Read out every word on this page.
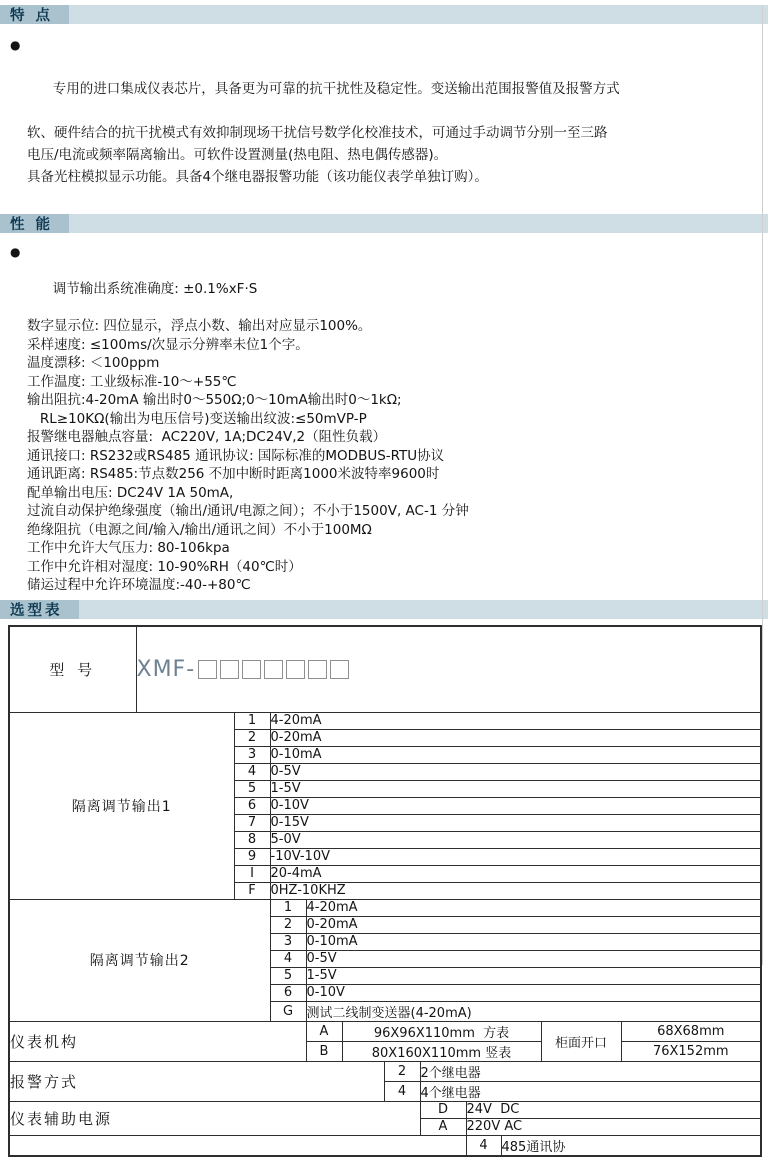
特 点

●

专用的进口集成仪表芯片，具备更为可靠的抗干扰性及稳定性。变送输出范围报警值及报警方式

软、硬件结合的抗干扰模式有效抑制现场干扰信号数学化校准技术，可通过手动调节分别一至三路
电压/电流或频率隔离输出。可软件设置测量(热电阻、热电偶传感器)。
具备光柱模拟显示功能。具备4个继电器报警功能（该功能仪表学单独订购）。
性 能

●

调节输出系统准确度: ±0.1%xF·S

数字显示位: 四位显示，浮点小数、输出对应显示100%。
采样速度: ≤100ms/次显示分辨率未位1个字。
温度漂移: ＜100ppm
工作温度: 工业级标准-10～+55℃
输出阻抗:4-20mA 输出时0～550Ω;0～10mA输出时0～1kΩ;
RL≥10KΩ(输出为电压信号)变送输出纹波:≤50mVP-P
报警继电器触点容量:  AC220V, 1A;DC24V,2（阻性负载）
通讯接口: RS232或RS485 通讯协议: 国际标准的MODBUS-RTU协议
通讯距离: RS485:节点数256 不加中断时距离1000米波特率9600时
配单输出电压: DC24V 1A 50mA,
过流自动保护绝缘强度（输出/通讯/电源之间）；不小于1500V, AC-1 分钟
绝缘阻抗（电源之间/输入/输出/通讯之间）不小于100MΩ
工作中允许大气压力: 80-106kpa
工作中允许相对湿度: 10-90%RH（40℃时）
储运过程中允许环境温度:-40-+80℃
选型表
型 号	XMF-										

隔离调节输出1		1	4-20mA								
		2	0-20mA								
		3	0-10mA								
		4	0-5V								
		5	1-5V								
		6	0-10V								
		7	0-15V								
		8	5-0V								
		9	-10V-10V								
		I	20-4mA								
		F	0HZ-10KHZ								
隔离调节输出2			1	4-20mA							
			2	0-20mA							
			3	0-10mA							
			4	0-5V							
			5	1-5V							
			6	0-10V							
			G	测试二线制变送器(4-20mA)							
仪表机构				A	96X96X110mm  方表					柜面开口	68X68mm
				B	80X160X110mm 竖表						76X152mm
报警方式						2	2个继电器				
						4	4个继电器				
仪表辅助电源							D	24V  DC			
							A	220V AC			
								4	485通讯协		
